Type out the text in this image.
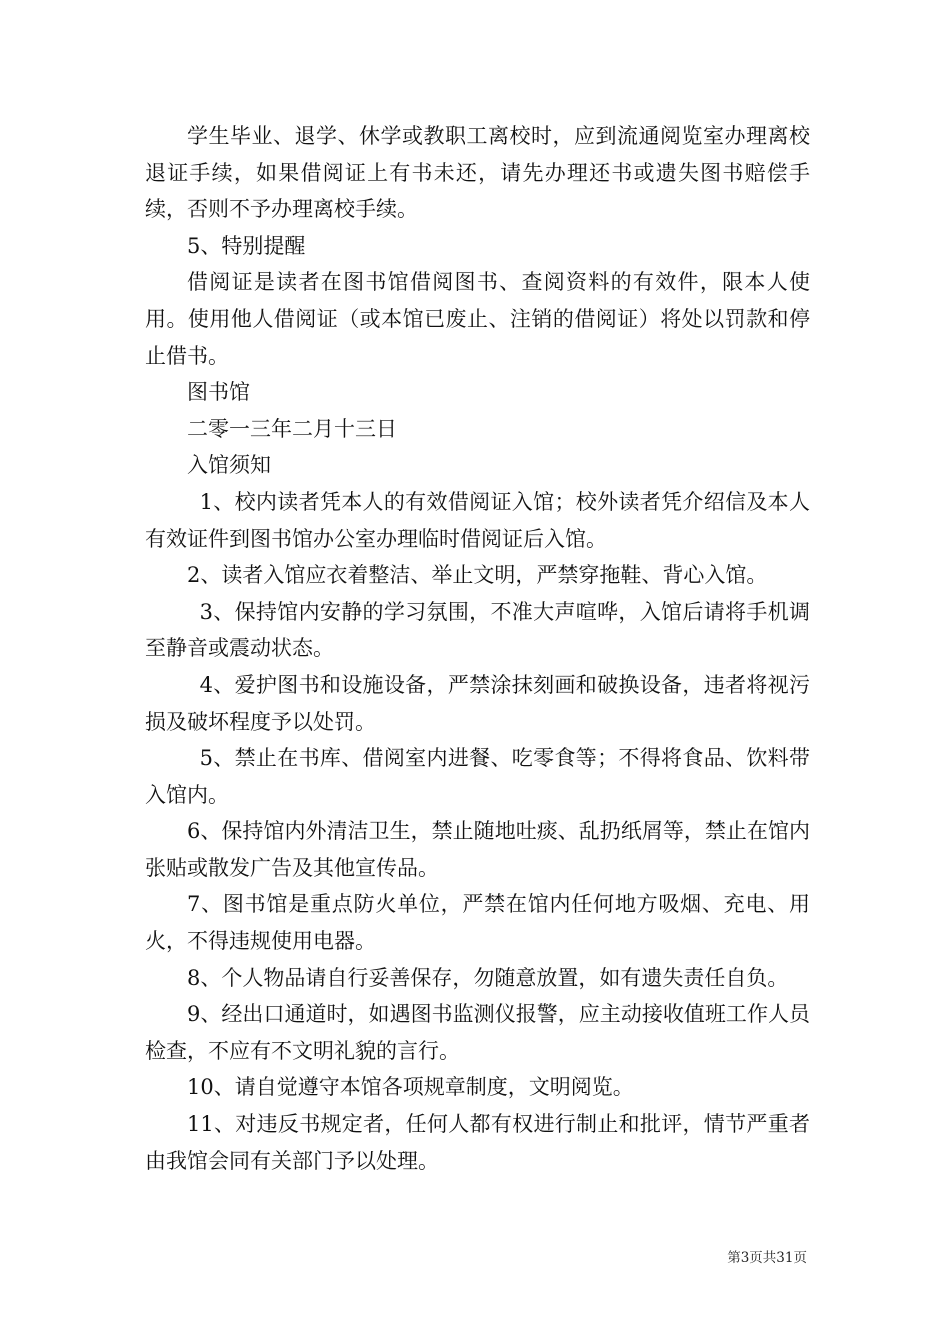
学生毕业、退学、休学或教职工离校时，应到流通阅览室办理离校退证手续，如果借阅证上有书未还，请先办理还书或遗失图书赔偿手续，否则不予办理离校手续。

5、特别提醒

借阅证是读者在图书馆借阅图书、查阅资料的有效件，限本人使用。使用他人借阅证（或本馆已废止、注销的借阅证）将处以罚款和停止借书。

图书馆

二零一三年二月十三日

入馆须知

1、校内读者凭本人的有效借阅证入馆；校外读者凭介绍信及本人有效证件到图书馆办公室办理临时借阅证后入馆。

2、读者入馆应衣着整洁、举止文明，严禁穿拖鞋、背心入馆。

3、保持馆内安静的学习氛围，不准大声喧哗，入馆后请将手机调至静音或震动状态。

4、爱护图书和设施设备，严禁涂抹刻画和破换设备，违者将视污损及破坏程度予以处罚。

5、禁止在书库、借阅室内进餐、吃零食等；不得将食品、饮料带入馆内。

6、保持馆内外清洁卫生，禁止随地吐痰、乱扔纸屑等，禁止在馆内张贴或散发广告及其他宣传品。

7、图书馆是重点防火单位，严禁在馆内任何地方吸烟、充电、用火，不得违规使用电器。

8、个人物品请自行妥善保存，勿随意放置，如有遗失责任自负。

9、经出口通道时，如遇图书监测仪报警，应主动接收值班工作人员检查，不应有不文明礼貌的言行。

10、请自觉遵守本馆各项规章制度，文明阅览。

11、对违反书规定者，任何人都有权进行制止和批评，情节严重者由我馆会同有关部门予以处理。

第3页共31页
